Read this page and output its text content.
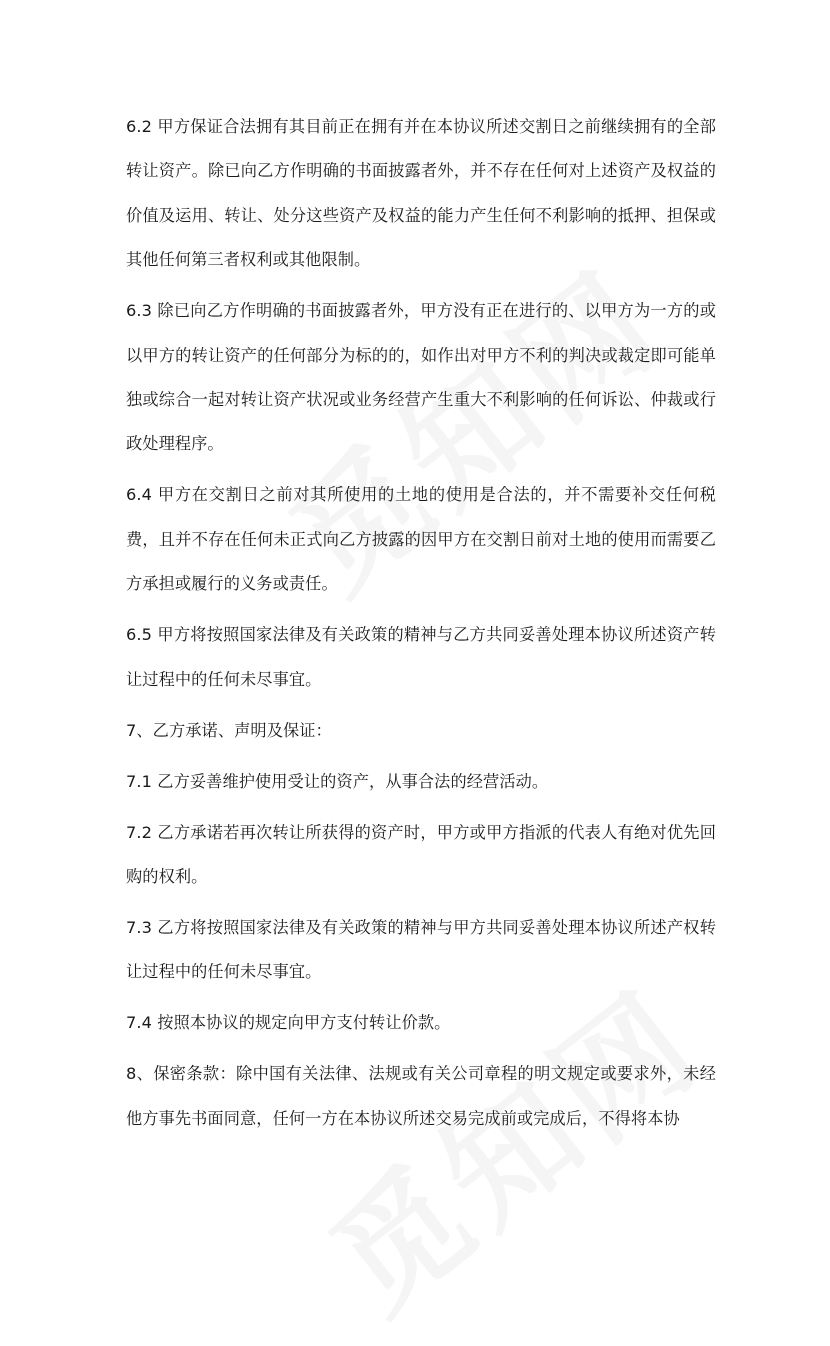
6.2 甲方保证合法拥有其目前正在拥有并在本协议所述交割日之前继续拥有的全部转让资产。除已向乙方作明确的书面披露者外，并不存在任何对上述资产及权益的价值及运用、转让、处分这些资产及权益的能力产生任何不利影响的抵押、担保或其他任何第三者权利或其他限制。

6.3 除已向乙方作明确的书面披露者外，甲方没有正在进行的、以甲方为一方的或以甲方的转让资产的任何部分为标的的，如作出对甲方不利的判决或裁定即可能单独或综合一起对转让资产状况或业务经营产生重大不利影响的任何诉讼、仲裁或行政处理程序。

6.4 甲方在交割日之前对其所使用的土地的使用是合法的，并不需要补交任何税费，且并不存在任何未正式向乙方披露的因甲方在交割日前对土地的使用而需要乙方承担或履行的义务或责任。

6.5 甲方将按照国家法律及有关政策的精神与乙方共同妥善处理本协议所述资产转让过程中的任何未尽事宜。

7、乙方承诺、声明及保证：

7.1 乙方妥善维护使用受让的资产，从事合法的经营活动。

7.2 乙方承诺若再次转让所获得的资产时，甲方或甲方指派的代表人有绝对优先回购的权利。

7.3 乙方将按照国家法律及有关政策的精神与甲方共同妥善处理本协议所述产权转让过程中的任何未尽事宜。

7.4 按照本协议的规定向甲方支付转让价款。

8、保密条款：除中国有关法律、法规或有关公司章程的明文规定或要求外，未经他方事先书面同意，任何一方在本协议所述交易完成前或完成后，不得将本协
